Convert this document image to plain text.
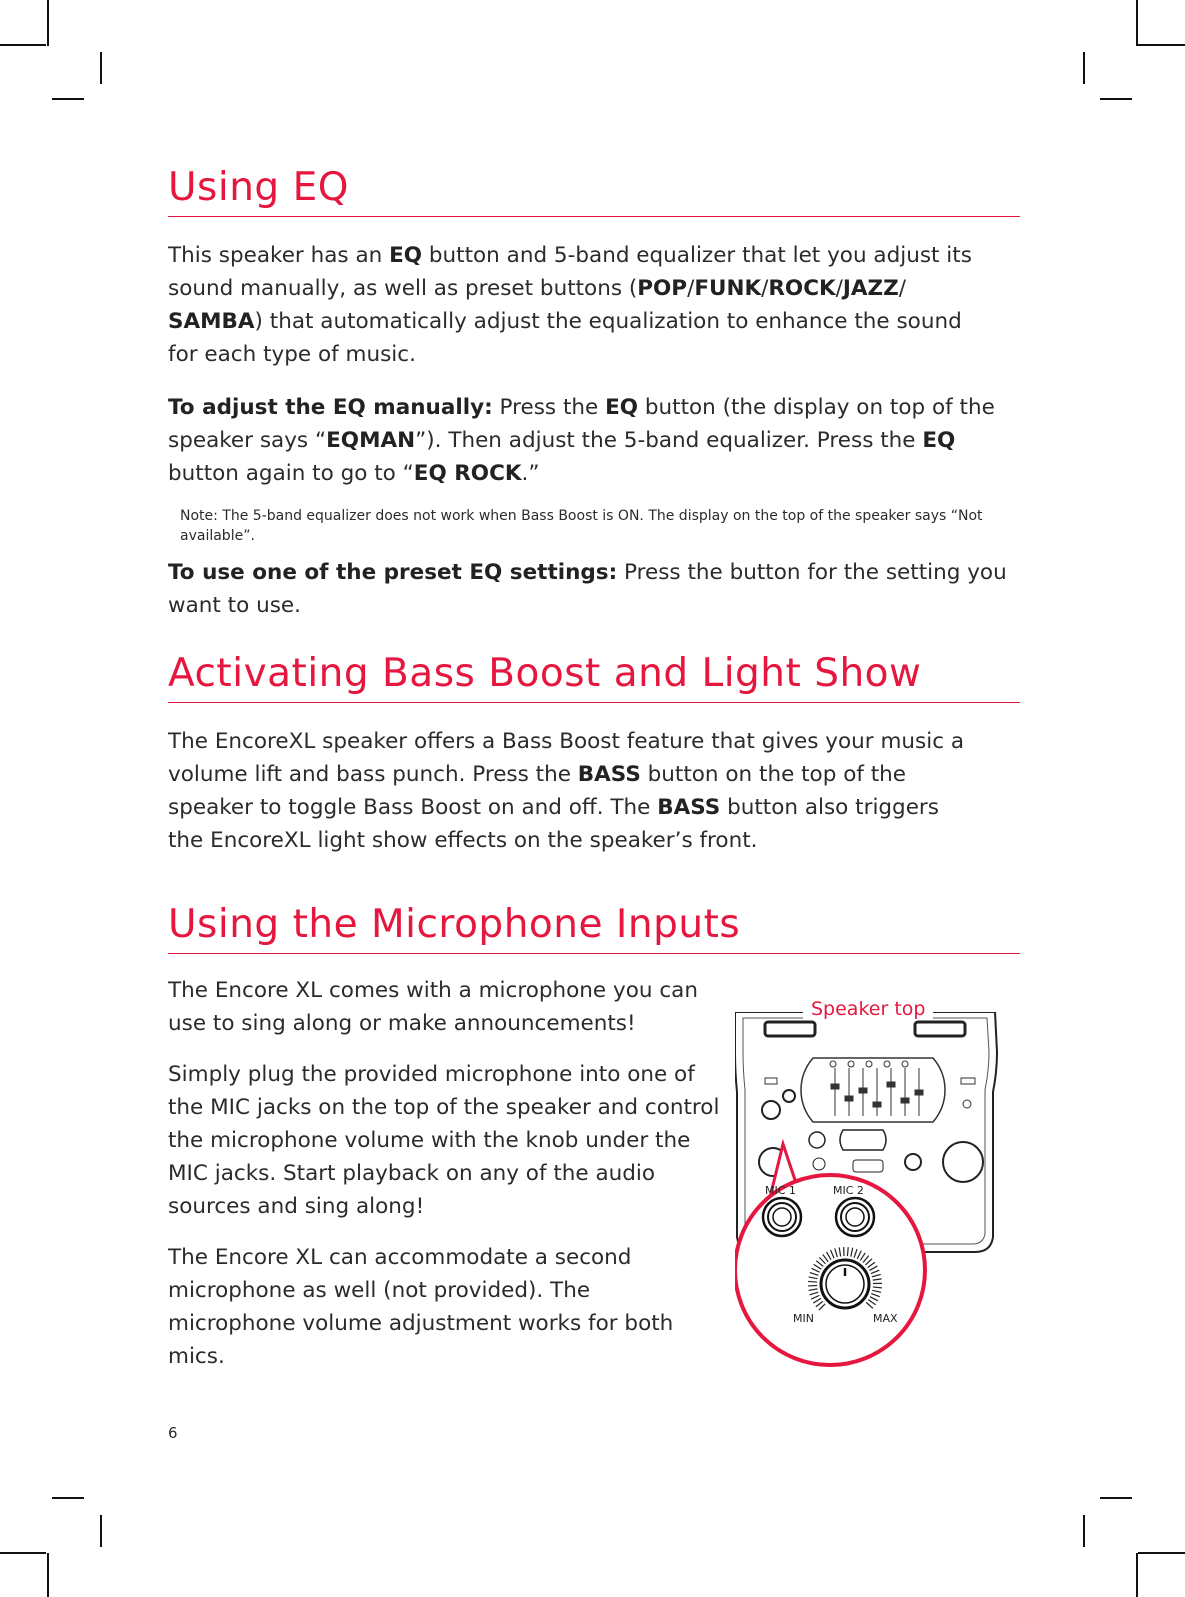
Using EQ

This speaker has an EQ button and 5-band equalizer that let you adjust its sound manually, as well as preset buttons (POP/FUNK/ROCK/JAZZ/ SAMBA) that automatically adjust the equalization to enhance the sound for each type of music.

To adjust the EQ manually: Press the EQ button (the display on top of the speaker says “EQMAN”). Then adjust the 5-band equalizer. Press the EQ button again to go to “EQ ROCK.”

Note: The 5-band equalizer does not work when Bass Boost is ON. The display on the top of the speaker says “Not available”.

To use one of the preset EQ settings: Press the button for the setting you want to use.

Activating Bass Boost and Light Show

The EncoreXL speaker offers a Bass Boost feature that gives your music a volume lift and bass punch. Press the BASS button on the top of the speaker to toggle Bass Boost on and off. The BASS button also triggers the EncoreXL light show effects on the speaker’s front.

Using the Microphone Inputs

The Encore XL comes with a microphone you can use to sing along or make announcements!

Simply plug the provided microphone into one of the MIC jacks on the top of the speaker and control the microphone volume with the knob under the MIC jacks. Start playback on any of the audio sources and sing along!

The Encore XL can accommodate a second microphone as well (not provided). The microphone volume adjustment works for both mics.

MIC 1	MIC 2
MIN	MAX
Speaker top
6
